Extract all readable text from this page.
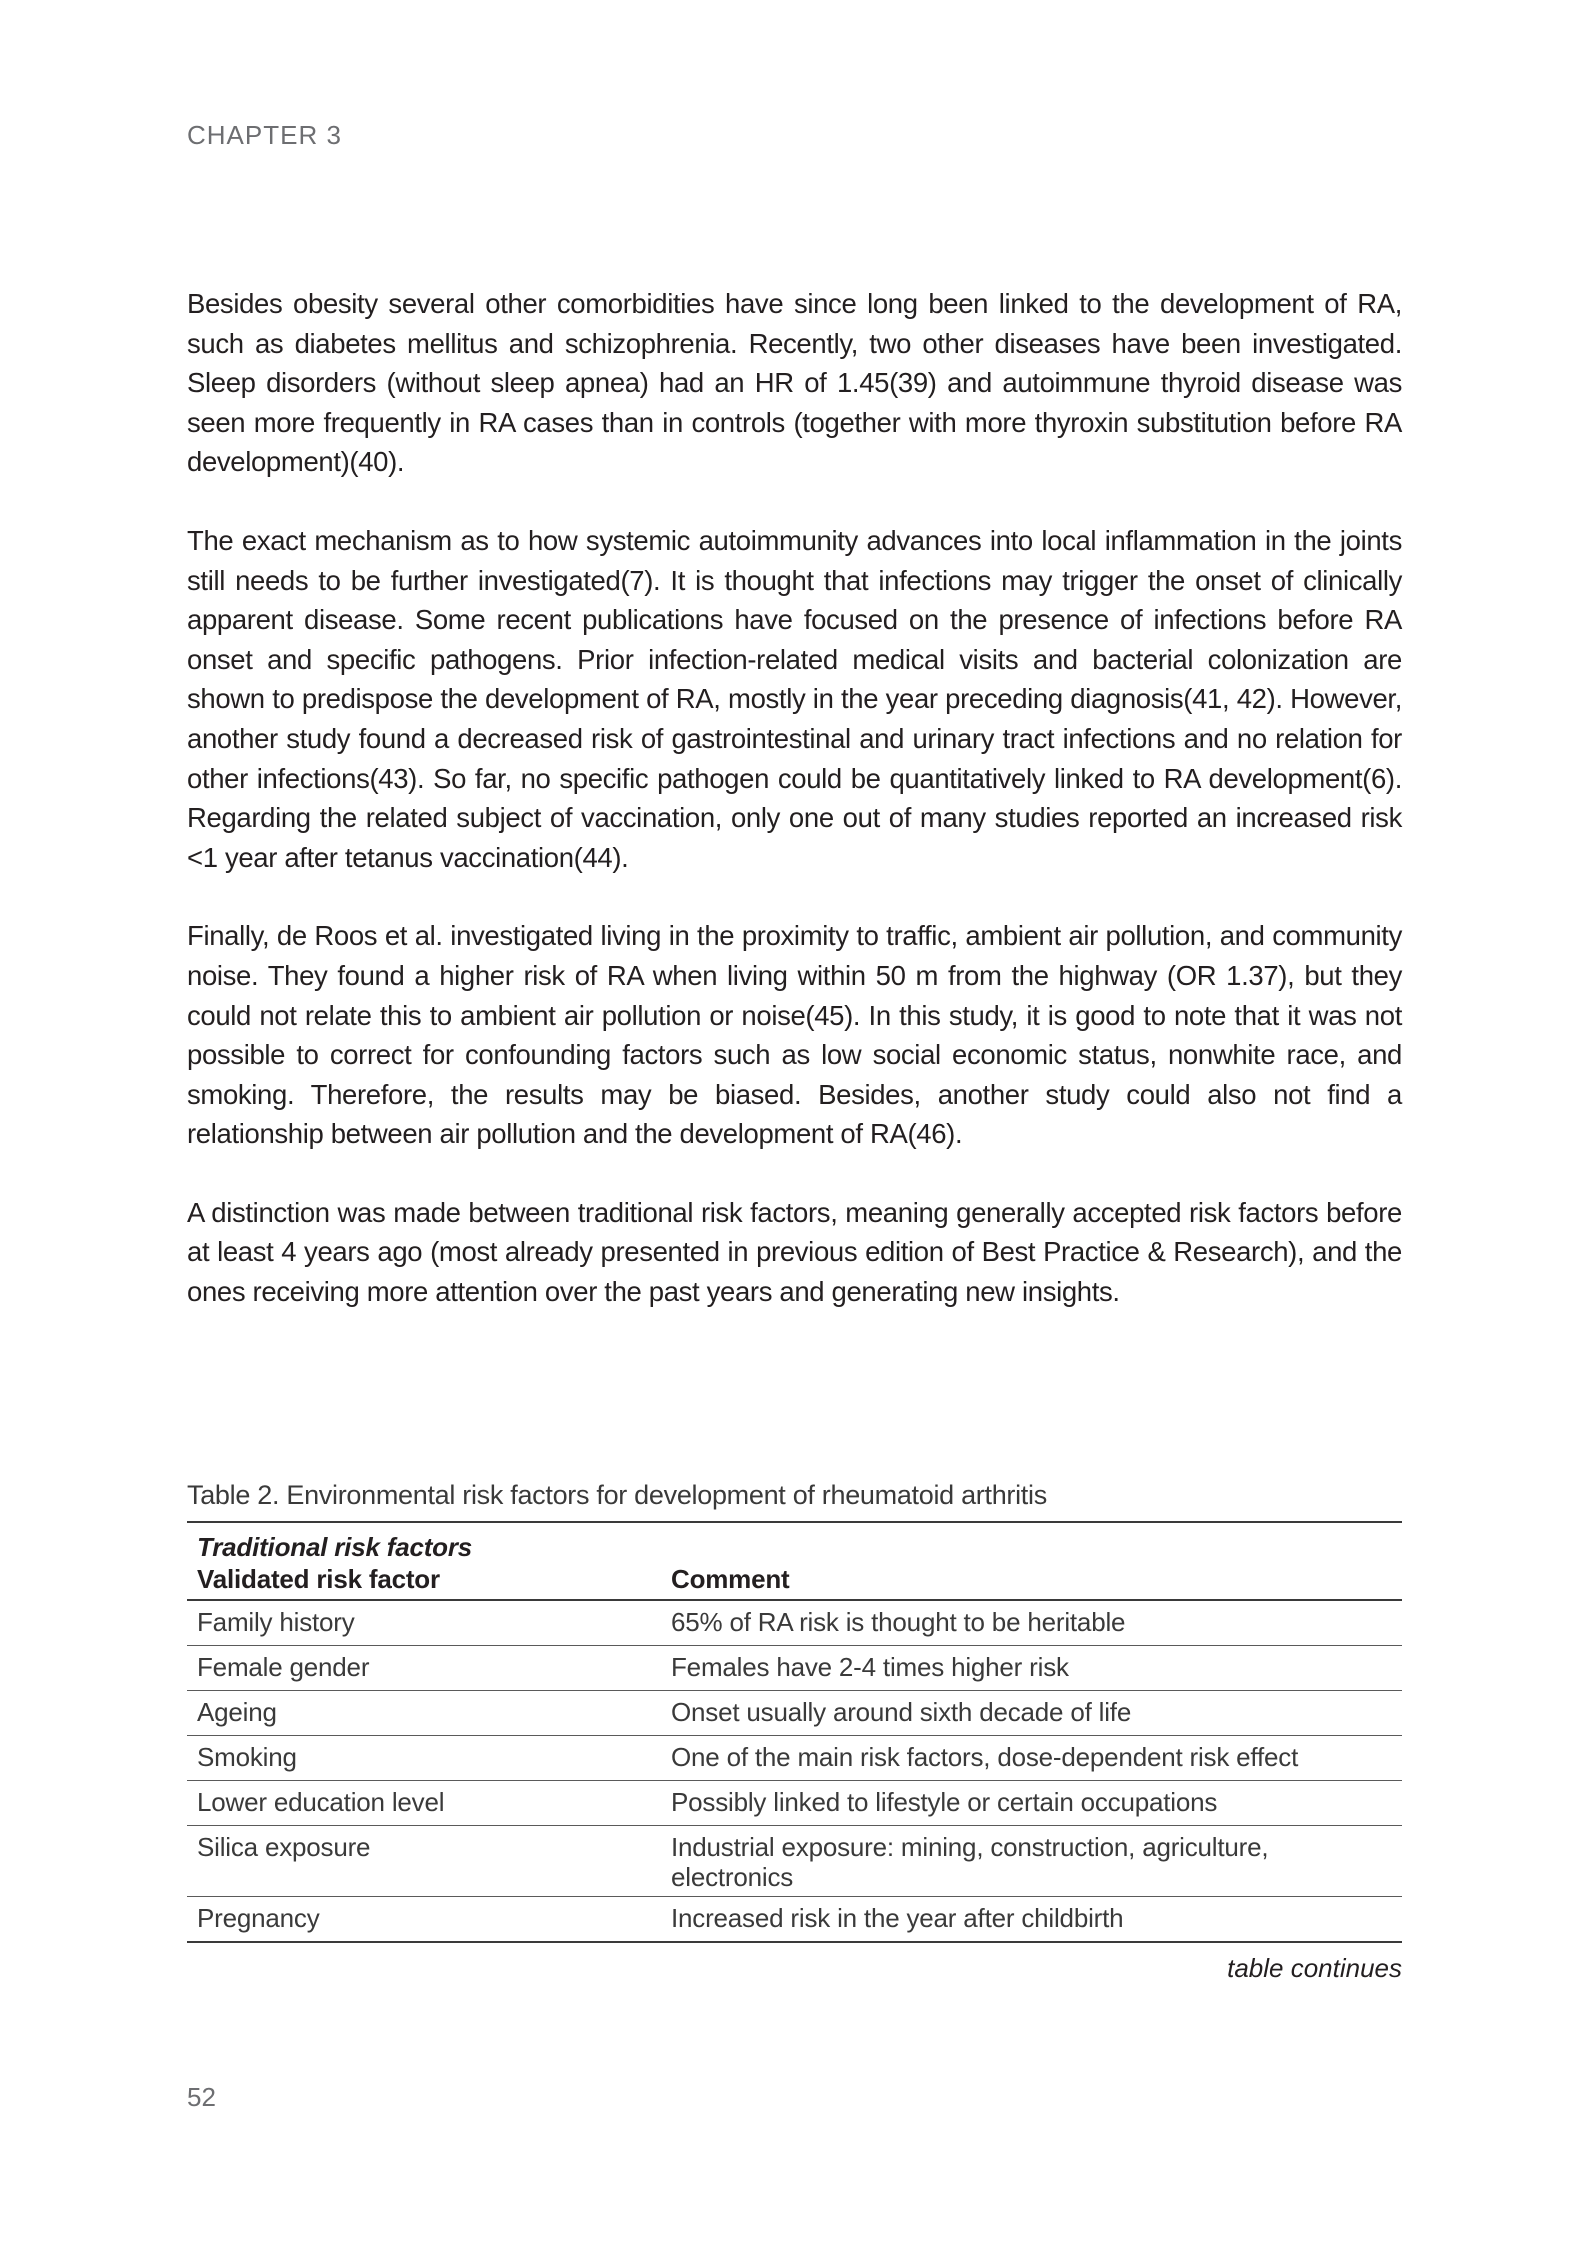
CHAPTER 3

Besides obesity several other comorbidities have since long been linked to the development of RA, such as diabetes mellitus and schizophrenia. Recently, two other diseases have been investigated. Sleep disorders (without sleep apnea) had an HR of 1.45(39) and autoimmune thyroid disease was seen more frequently in RA cases than in controls (together with more thyroxin substitution before RA development)(40).

The exact mechanism as to how systemic autoimmunity advances into local inflammation in the joints still needs to be further investigated(7). It is thought that infections may trigger the onset of clinically apparent disease. Some recent publications have focused on the presence of infections before RA onset and specific pathogens. Prior infection-related medical visits and bacterial colonization are shown to predispose the development of RA, mostly in the year preceding diagnosis(41, 42). However, another study found a decreased risk of gastrointestinal and urinary tract infections and no relation for other infections(43). So far, no specific pathogen could be quantitatively linked to RA development(6). Regarding the related subject of vaccination, only one out of many studies reported an increased risk <1 year after tetanus vaccination(44).

Finally, de Roos et al. investigated living in the proximity to traffic, ambient air pollution, and community noise. They found a higher risk of RA when living within 50 m from the highway (OR 1.37), but they could not relate this to ambient air pollution or noise(45). In this study, it is good to note that it was not possible to correct for confounding factors such as low social economic status, nonwhite race, and smoking. Therefore, the results may be biased. Besides, another study could also not find a relationship between air pollution and the development of RA(46).

A distinction was made between traditional risk factors, meaning generally accepted risk factors before at least 4 years ago (most already presented in previous edition of Best Practice & Research), and the ones receiving more attention over the past years and generating new insights.

Table 2. Environmental risk factors for development of rheumatoid arthritis
Traditional risk factors	
Validated risk factor	Comment
Family history	65% of RA risk is thought to be heritable
Female gender	Females have 2-4 times higher risk
Ageing	Onset usually around sixth decade of life
Smoking	One of the main risk factors, dose-dependent risk effect
Lower education level	Possibly linked to lifestyle or certain occupations
Silica exposure	Industrial exposure: mining, construction, agriculture, electronics
Pregnancy	Increased risk in the year after childbirth
table continues
52
